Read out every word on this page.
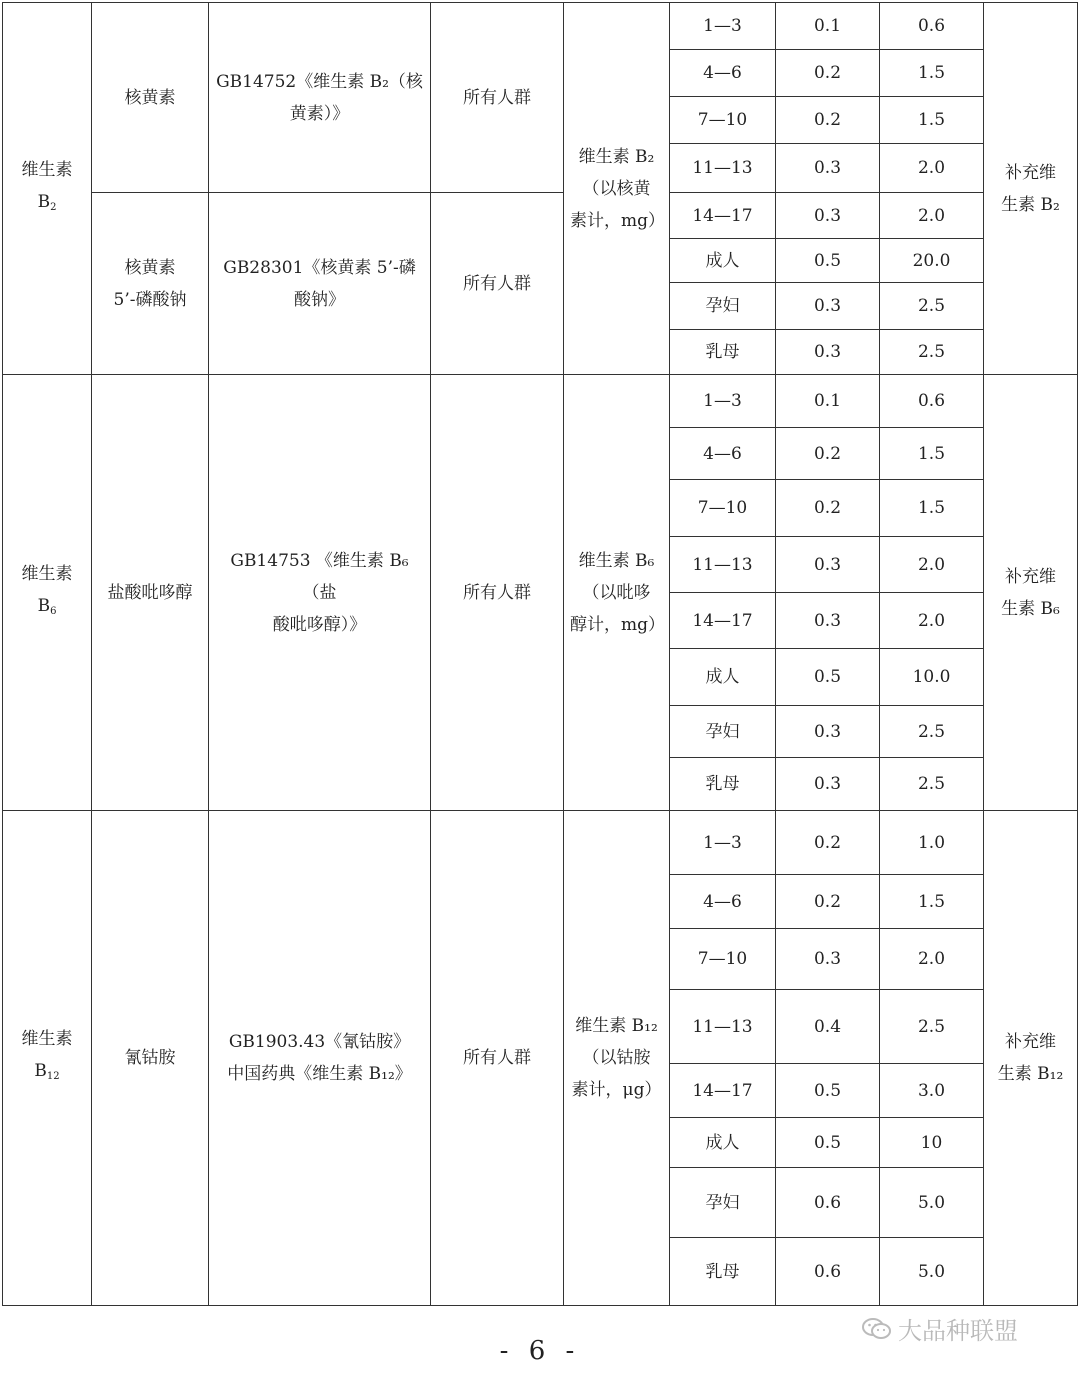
维生素
$B_2$	核黄素	GB14752《维生素 B₂（核
黄素）》	所有人群	维生素 B₂
（以核黄
素计，mg）	1—3	0.1	0.6	补充维
生素 B₂
					4—6	0.2	1.5	
					7—10	0.2	1.5	
					11—13	0.3	2.0	
	核黄素
5’-磷酸钠	GB28301《核黄素 5’-磷
酸钠》	所有人群		14—17	0.3	2.0	
					成人	0.5	20.0	
					孕妇	0.3	2.5	
					乳母	0.3	2.5	
维生素
$B_6$	盐酸吡哆醇	GB14753 《维生素 B₆（盐
酸吡哆醇）》	所有人群	维生素 B₆
（以吡哆
醇计，mg）	1—3	0.1	0.6	补充维
生素 B₆
					4—6	0.2	1.5	
					7—10	0.2	1.5	
					11—13	0.3	2.0	
					14—17	0.3	2.0	
					成人	0.5	10.0	
					孕妇	0.3	2.5	
					乳母	0.3	2.5	
维生素
$B_{12}$	氰钴胺	GB1903.43《氰钴胺》
中国药典《维生素 B₁₂》	所有人群	维生素 B₁₂
（以钴胺
素计，μg）	1—3	0.2	1.0	补充维
生素 B₁₂
					4—6	0.2	1.5	
					7—10	0.3	2.0	
					11—13	0.4	2.5	
					14—17	0.5	3.0	
					成人	0.5	10	
					孕妇	0.6	5.0	
					乳母	0.6	5.0	
- 6 -
大品种联盟
